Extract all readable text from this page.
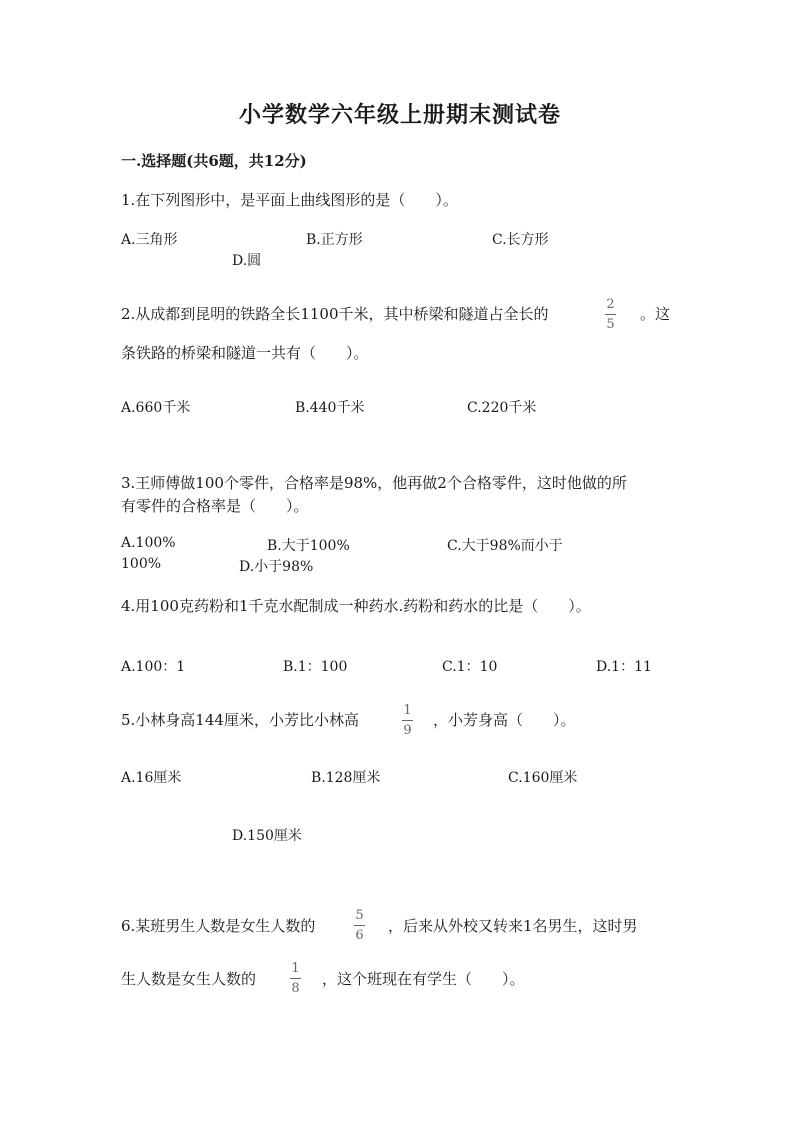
小学数学六年级上册期末测试卷
一.选择题(共6题，共12分)
1.在下列图形中，是平面上曲线图形的是（　　）。
A.三角形	B.正方形	C.长方形
D.圆
2.从成都到昆明的铁路全长1100千米，其中桥梁和隧道占全长的
2
5
。这
条铁路的桥梁和隧道一共有（　　）。
A.660千米	B.440千米	C.220千米
3.王师傅做100个零件，合格率是98%，他再做2个合格零件，这时他做的所
有零件的合格率是（　　）。
A.100%	B.大于100%	C.大于98%而小于
100%	D.小于98%
4.用100克药粉和1千克水配制成一种药水.药粉和药水的比是（　　）。
A.100：1	B.1：100	C.1：10	D.1：11
5.小林身高144厘米，小芳比小林高
1
9
，小芳身高（　　）。
A.16厘米	B.128厘米	C.160厘米
D.150厘米
6.某班男生人数是女生人数的
5
6
，后来从外校又转来1名男生，这时男
生人数是女生人数的
1
8
，这个班现在有学生（　　）。
